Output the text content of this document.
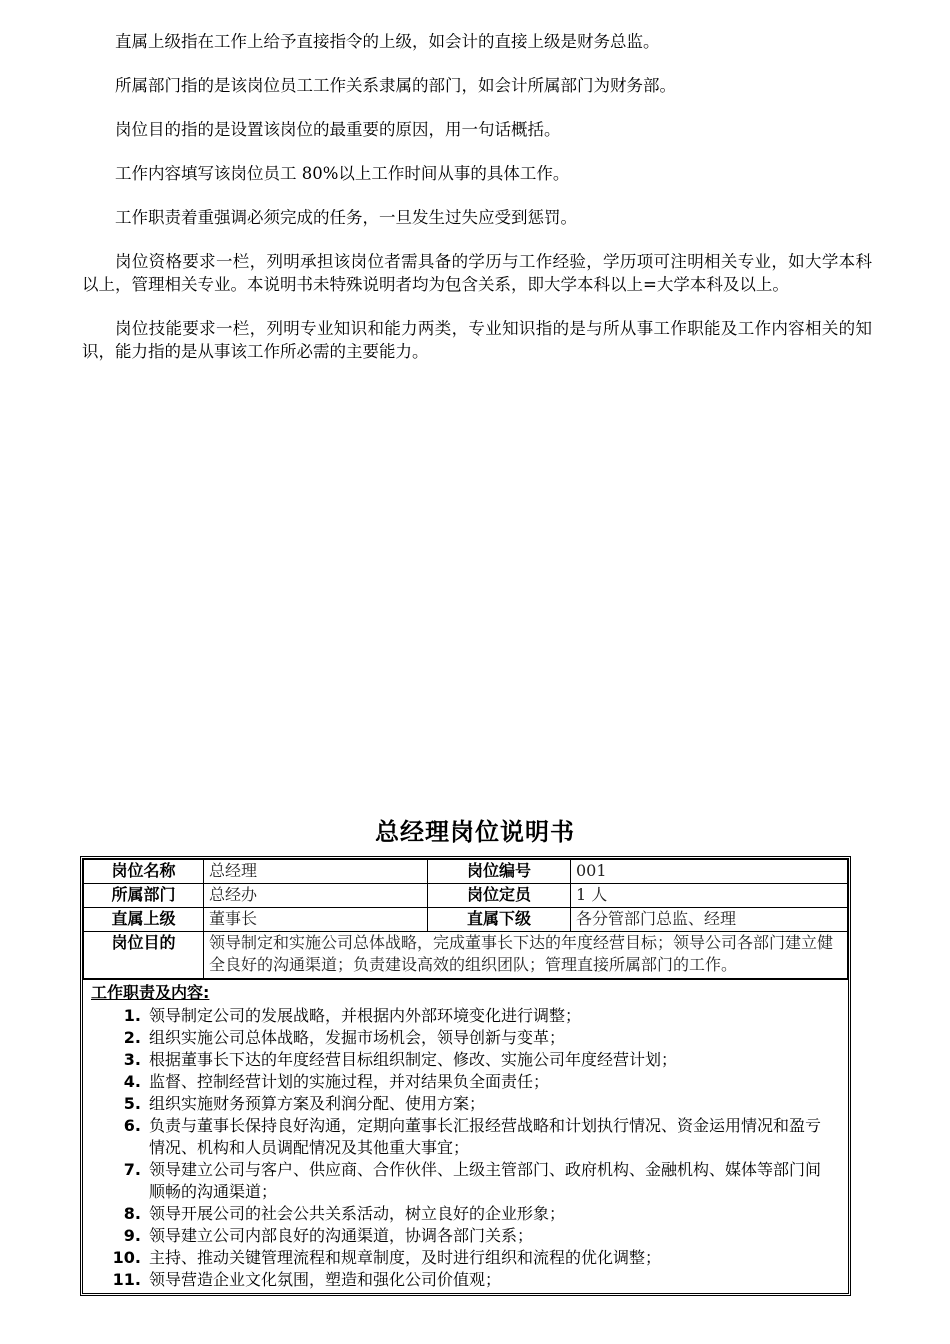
直属上级指在工作上给予直接指令的上级，如会计的直接上级是财务总监。

所属部门指的是该岗位员工工作关系隶属的部门，如会计所属部门为财务部。

岗位目的指的是设置该岗位的最重要的原因，用一句话概括。

工作内容填写该岗位员工 80%以上工作时间从事的具体工作。

工作职责着重强调必须完成的任务，一旦发生过失应受到惩罚。

岗位资格要求一栏，列明承担该岗位者需具备的学历与工作经验，学历项可注明相关专业，如大学本科以上，管理相关专业。本说明书未特殊说明者均为包含关系，即大学本科以上=大学本科及以上。

岗位技能要求一栏，列明专业知识和能力两类，专业知识指的是与所从事工作职能及工作内容相关的知识，能力指的是从事该工作所必需的主要能力。

总经理岗位说明书
岗位名称	总经理	岗位编号	001
所属部门	总经办	岗位定员	1 人
直属上级	董事长	直属下级	各分管部门总监、经理
岗位目的	领导制定和实施公司总体战略，完成董事长下达的年度经营目标；领导公司各部门建立健全良好的沟通渠道；负责建设高效的组织团队；管理直接所属部门的工作。		
工作职责及内容:
1. 领导制定公司的发展战略，并根据内外部环境变化进行调整；
2. 组织实施公司总体战略，发掘市场机会，领导创新与变革；
3. 根据董事长下达的年度经营目标组织制定、修改、实施公司年度经营计划；
4. 监督、控制经营计划的实施过程，并对结果负全面责任；
5. 组织实施财务预算方案及利润分配、使用方案；
6. 负责与董事长保持良好沟通，定期向董事长汇报经营战略和计划执行情况、资金运用情况和盈亏情况、机构和人员调配情况及其他重大事宜；
7. 领导建立公司与客户、供应商、合作伙伴、上级主管部门、政府机构、金融机构、媒体等部门间顺畅的沟通渠道；
8. 领导开展公司的社会公共关系活动，树立良好的企业形象；
9. 领导建立公司内部良好的沟通渠道，协调各部门关系；
10. 主持、推动关键管理流程和规章制度，及时进行组织和流程的优化调整；
11. 领导营造企业文化氛围，塑造和强化公司价值观；
